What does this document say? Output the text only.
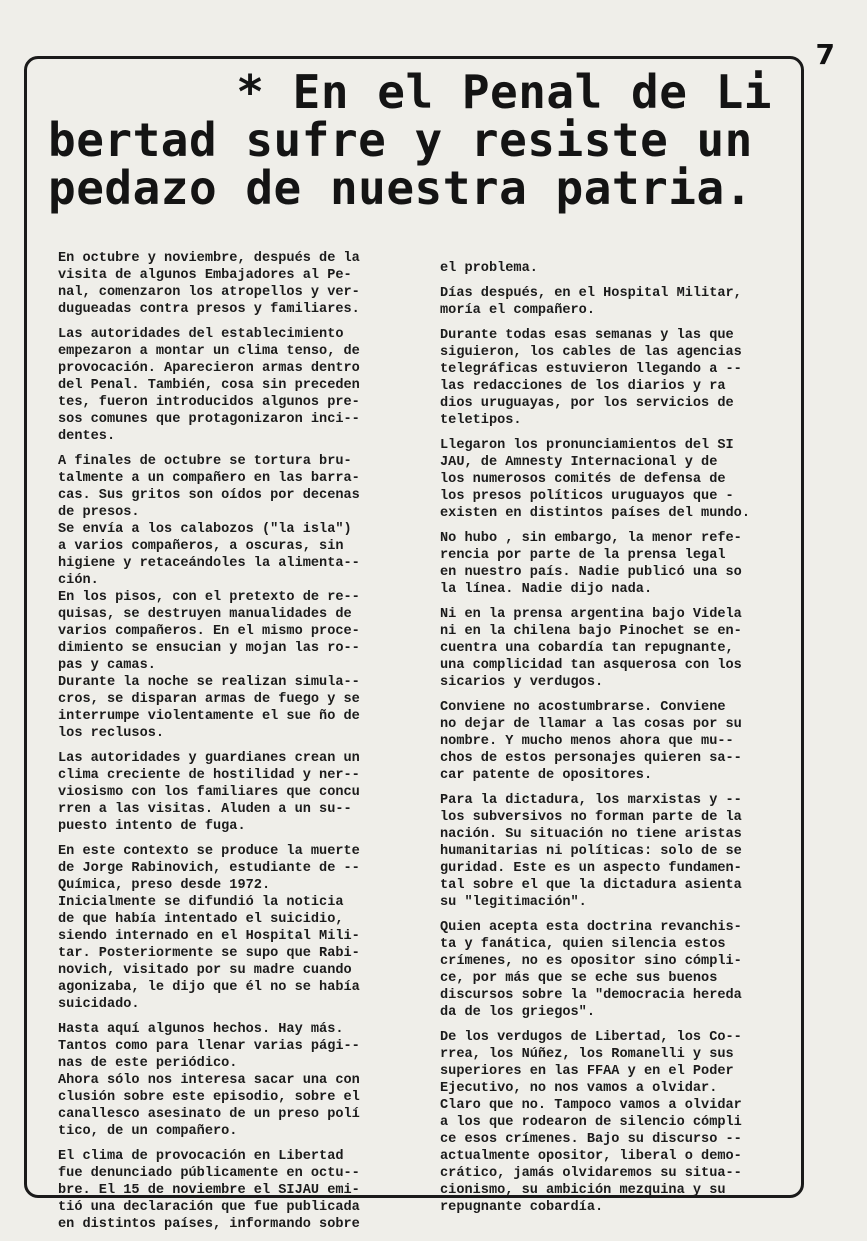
7
* En el Penal de Li
bertad sufre y resiste un
pedazo de nuestra patria.

En octubre y noviembre, después de la
visita de algunos Embajadores al Pe-
nal, comenzaron los atropellos y ver-
dugueadas contra presos y familiares.

Las autoridades del establecimiento
empezaron a montar un clima tenso, de
provocación. Aparecieron armas dentro
del Penal. También, cosa sin preceden
tes, fueron introducidos algunos pre-
sos comunes que protagonizaron inci--
dentes.

A finales de octubre se tortura bru-
talmente a un compañero en las barra-
cas. Sus gritos son oídos por decenas
de presos.

Se envía a los calabozos ("la isla")
a varios compañeros, a oscuras, sin
higiene y retaceándoles la alimenta--
ción.

En los pisos, con el pretexto de re--
quisas, se destruyen manualidades de
varios compañeros. En el mismo proce-
dimiento se ensucian y mojan las ro--
pas y camas.

Durante la noche se realizan simula--
cros, se disparan armas de fuego y se
interrumpe violentamente el sue ño de
los reclusos.

Las autoridades y guardianes crean un
clima creciente de hostilidad y ner--
viosismo con los familiares que concu
rren a las visitas. Aluden a un su--
puesto intento de fuga.

En este contexto se produce la muerte
de Jorge Rabinovich, estudiante de --
Química, preso desde 1972.

Inicialmente se difundió la noticia
de que había intentado el suicidio,
siendo internado en el Hospital Mili-
tar. Posteriormente se supo que Rabi-
novich, visitado por su madre cuando
agonizaba, le dijo que él no se había
suicidado.

Hasta aquí algunos hechos. Hay más.
Tantos como para llenar varias pági--
nas de este periódico.

Ahora sólo nos interesa sacar una con
clusión sobre este episodio, sobre el
canallesco asesinato de un preso polí
tico, de un compañero.

El clima de provocación en Libertad
fue denunciado públicamente en octu--
bre. El 15 de noviembre el SIJAU emi-
tió una declaración que fue publicada
en distintos países, informando sobre

el problema.

Días después, en el Hospital Militar,
moría el compañero.

Durante todas esas semanas y las que
siguieron, los cables de las agencias
telegráficas estuvieron llegando a --
las redacciones de los diarios y ra
dios uruguayas, por los servicios de
teletipos.

Llegaron los pronunciamientos del SI
JAU, de Amnesty Internacional y de
los numerosos comités de defensa de
los presos políticos uruguayos que -
existen en distintos países del mundo.

No hubo , sin embargo, la menor refe-
rencia por parte de la prensa legal
en nuestro país. Nadie publicó una so
la línea. Nadie dijo nada.

Ni en la prensa argentina bajo Videla
ni en la chilena bajo Pinochet se en-
cuentra una cobardía tan repugnante,
una complicidad tan asquerosa con los
sicarios y verdugos.

Conviene no acostumbrarse. Conviene
no dejar de llamar a las cosas por su
nombre. Y mucho menos ahora que mu--
chos de estos personajes quieren sa--
car patente de opositores.

Para la dictadura, los marxistas y --
los subversivos no forman parte de la
nación. Su situación no tiene aristas
humanitarias ni políticas: solo de se
guridad. Este es un aspecto fundamen-
tal sobre el que la dictadura asienta
su "legitimación".

Quien acepta esta doctrina revanchis-
ta y fanática, quien silencia estos
crímenes, no es opositor sino cómpli-
ce, por más que se eche sus buenos
discursos sobre la "democracia hereda
da de los griegos".

De los verdugos de Libertad, los Co--
rrea, los Núñez, los Romanelli y sus
superiores en las FFAA y en el Poder
Ejecutivo, no nos vamos a olvidar.

Claro que no. Tampoco vamos a olvidar
a los que rodearon de silencio cómpli
ce esos crímenes. Bajo su discurso --
actualmente opositor, liberal o demo-
crático, jamás olvidaremos su situa--
cionismo, su ambición mezquina y su
repugnante cobardía.
